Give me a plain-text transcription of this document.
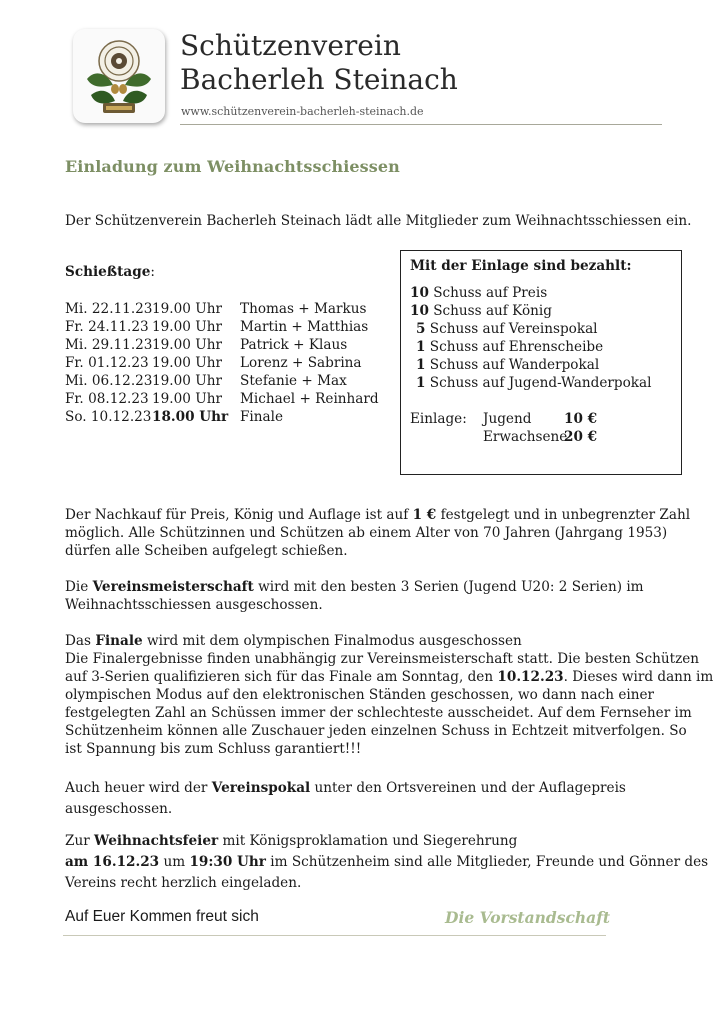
Schützenverein
Bacherleh Steinach
www.schützenverein-bacherleh-steinach.de
Einladung zum Weihnachtsschiessen
Der Schützenverein Bacherleh Steinach lädt alle Mitglieder zum Weihnachtsschiessen ein.
Schießtage:
Mi. 22.11.23 19.00 Uhr Thomas + Markus
Fr. 24.11.23 19.00 Uhr Martin + Matthias
Mi. 29.11.23 19.00 Uhr Patrick + Klaus
Fr. 01.12.23 19.00 Uhr Lorenz + Sabrina
Mi. 06.12.23 19.00 Uhr Stefanie + Max
Fr. 08.12.23 19.00 Uhr Michael + Reinhard
So. 10.12.23 18.00 Uhr Finale
Mit der Einlage sind bezahlt:
10 Schuss auf Preis
10 Schuss auf König
5 Schuss auf Vereinspokal
1 Schuss auf Ehrenscheibe
1 Schuss auf Wanderpokal
1 Schuss auf Jugend-Wanderpokal
Einlage: Jugend 10 €
Erwachsene
20 €
Der Nachkauf für Preis, König und Auflage ist auf 1 € festgelegt und in unbegrenzter Zahl
möglich. Alle Schützinnen und Schützen ab einem Alter von 70 Jahren (Jahrgang 1953)
dürfen alle Scheiben aufgelegt schießen.
Die Vereinsmeisterschaft wird mit den besten 3 Serien (Jugend U20: 2 Serien) im
Weihnachtsschiessen ausgeschossen.
Das Finale wird mit dem olympischen Finalmodus ausgeschossen
Die Finalergebnisse finden unabhängig zur Vereinsmeisterschaft statt. Die besten Schützen
auf 3-Serien qualifizieren sich für das Finale am Sonntag, den 10.12.23. Dieses wird dann im
olympischen Modus auf den elektronischen Ständen geschossen, wo dann nach einer
festgelegten Zahl an Schüssen immer der schlechteste ausscheidet. Auf dem Fernseher im
Schützenheim können alle Zuschauer jeden einzelnen Schuss in Echtzeit mitverfolgen. So
ist Spannung bis zum Schluss garantiert!!!
Auch heuer wird der Vereinspokal unter den Ortsvereinen und der Auflagepreis
ausgeschossen.
Zur Weihnachtsfeier mit Königsproklamation und Siegerehrung
am 16.12.23 um 19:30 Uhr im Schützenheim sind alle Mitglieder, Freunde und Gönner des
Vereins recht herzlich eingeladen.
Auf Euer Kommen freut sich	Die Vorstandschaft
